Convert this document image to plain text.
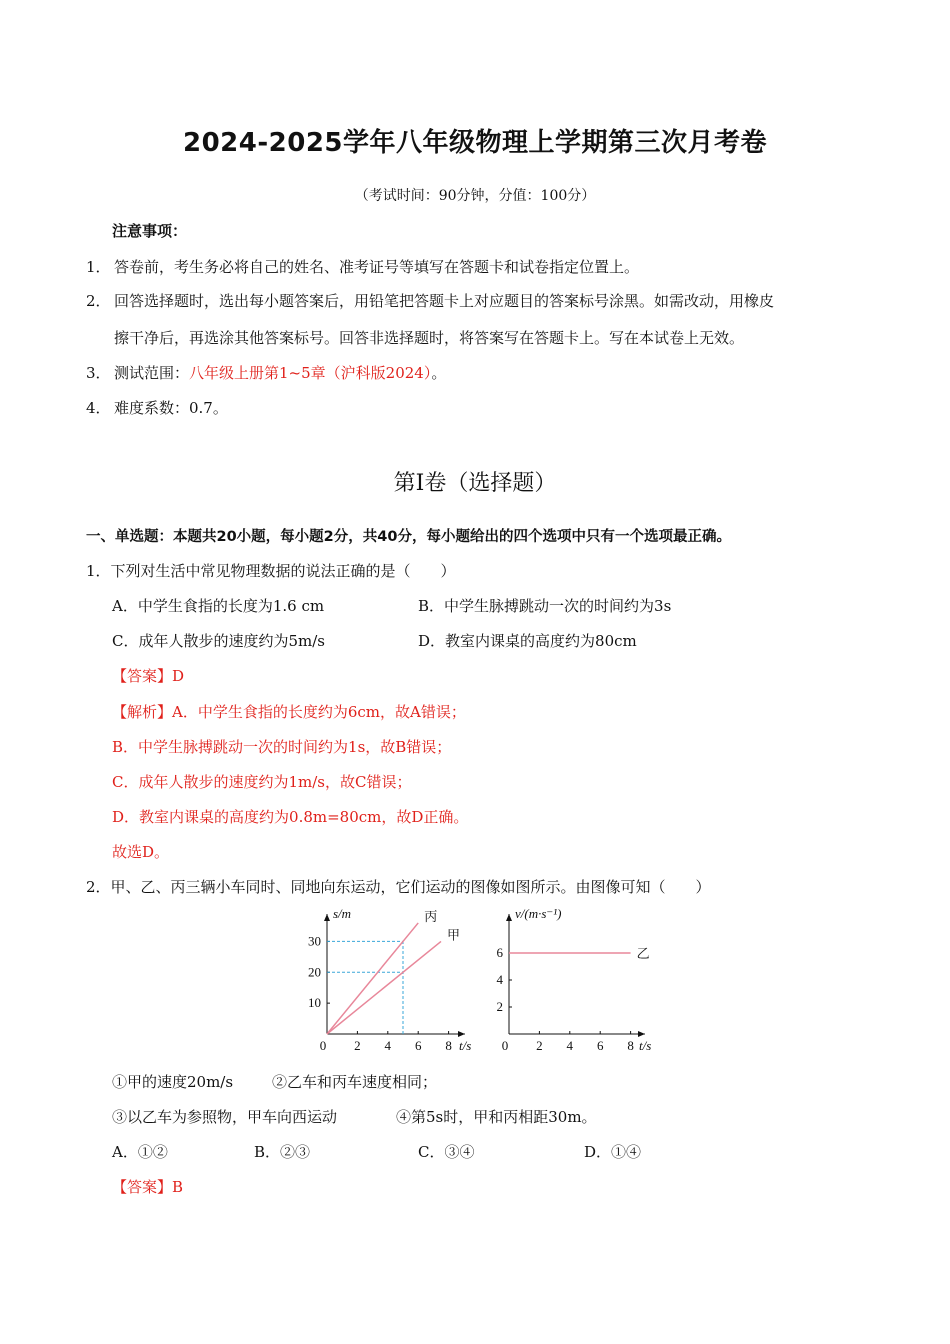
2024-2025学年八年级物理上学期第三次月考卷
（考试时间：90分钟，分值：100分）
注意事项：
1． 答卷前，考生务必将自己的姓名、准考证号等填写在答题卡和试卷指定位置上。
2． 回答选择题时，选出每小题答案后，用铅笔把答题卡上对应题目的答案标号涂黑。如需改动，用橡皮
擦干净后，再选涂其他答案标号。回答非选择题时，将答案写在答题卡上。写在本试卷上无效。
3． 测试范围：八年级上册第1~5章（沪科版2024）。
4． 难度系数：0.7。
第Ⅰ卷（选择题）
一、单选题：本题共20小题，每小题2分，共40分，每小题给出的四个选项中只有一个选项最正确。
1．下列对生活中常见物理数据的说法正确的是（　　）
A．中学生食指的长度为1.6 cm	B．中学生脉搏跳动一次的时间约为3s
C．成年人散步的速度约为5m/s	D．教室内课桌的高度约为80cm
【答案】D
【解析】A．中学生食指的长度约为6cm，故A错误；
B．中学生脉搏跳动一次的时间约为1s，故B错误；
C．成年人散步的速度约为1m/s，故C错误；
D．教室内课桌的高度约为0.8m=80cm，故D正确。
故选D。
2．甲、乙、丙三辆小车同时、同地向东运动，它们运动的图像如图所示。由图像可知（　　）
s/m
t/s
0 2 4 6 8
10
20
30
丙
甲
v/(m·s⁻¹)
t/s
0 2 4 6 8
2
4
6	乙
①甲的速度20m/s	②乙车和丙车速度相同；
③以乙车为参照物，甲车向西运动	④第5s时，甲和丙相距30m。
A．①②	B．②③	C．③④	D．①④
【答案】B
